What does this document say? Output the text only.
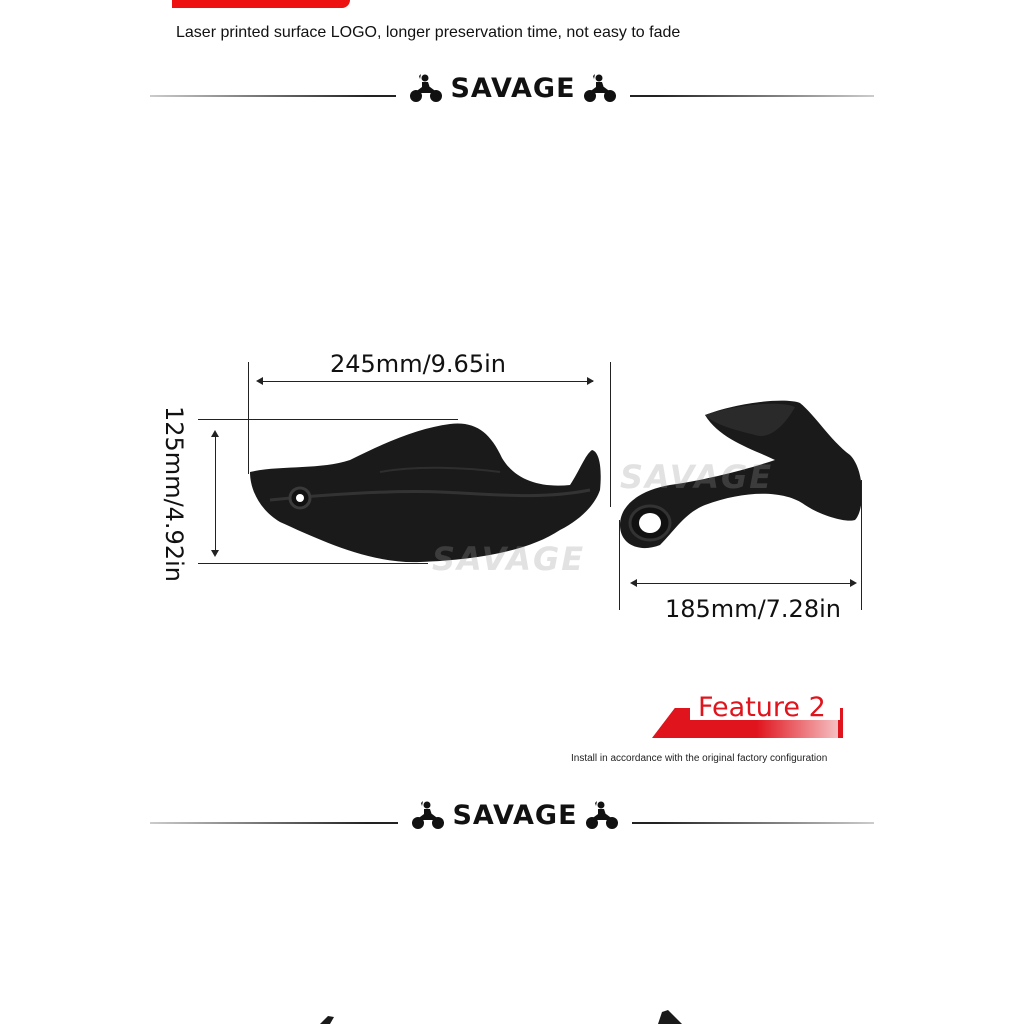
Laser printed surface LOGO, longer preservation time, not easy to fade
SAVAGE
245mm/9.65in
125mm/4.92in	SAVAGE
SAVAGE
185mm/7.28in
Feature 2
Install in accordance with the original factory configuration
SAVAGE
